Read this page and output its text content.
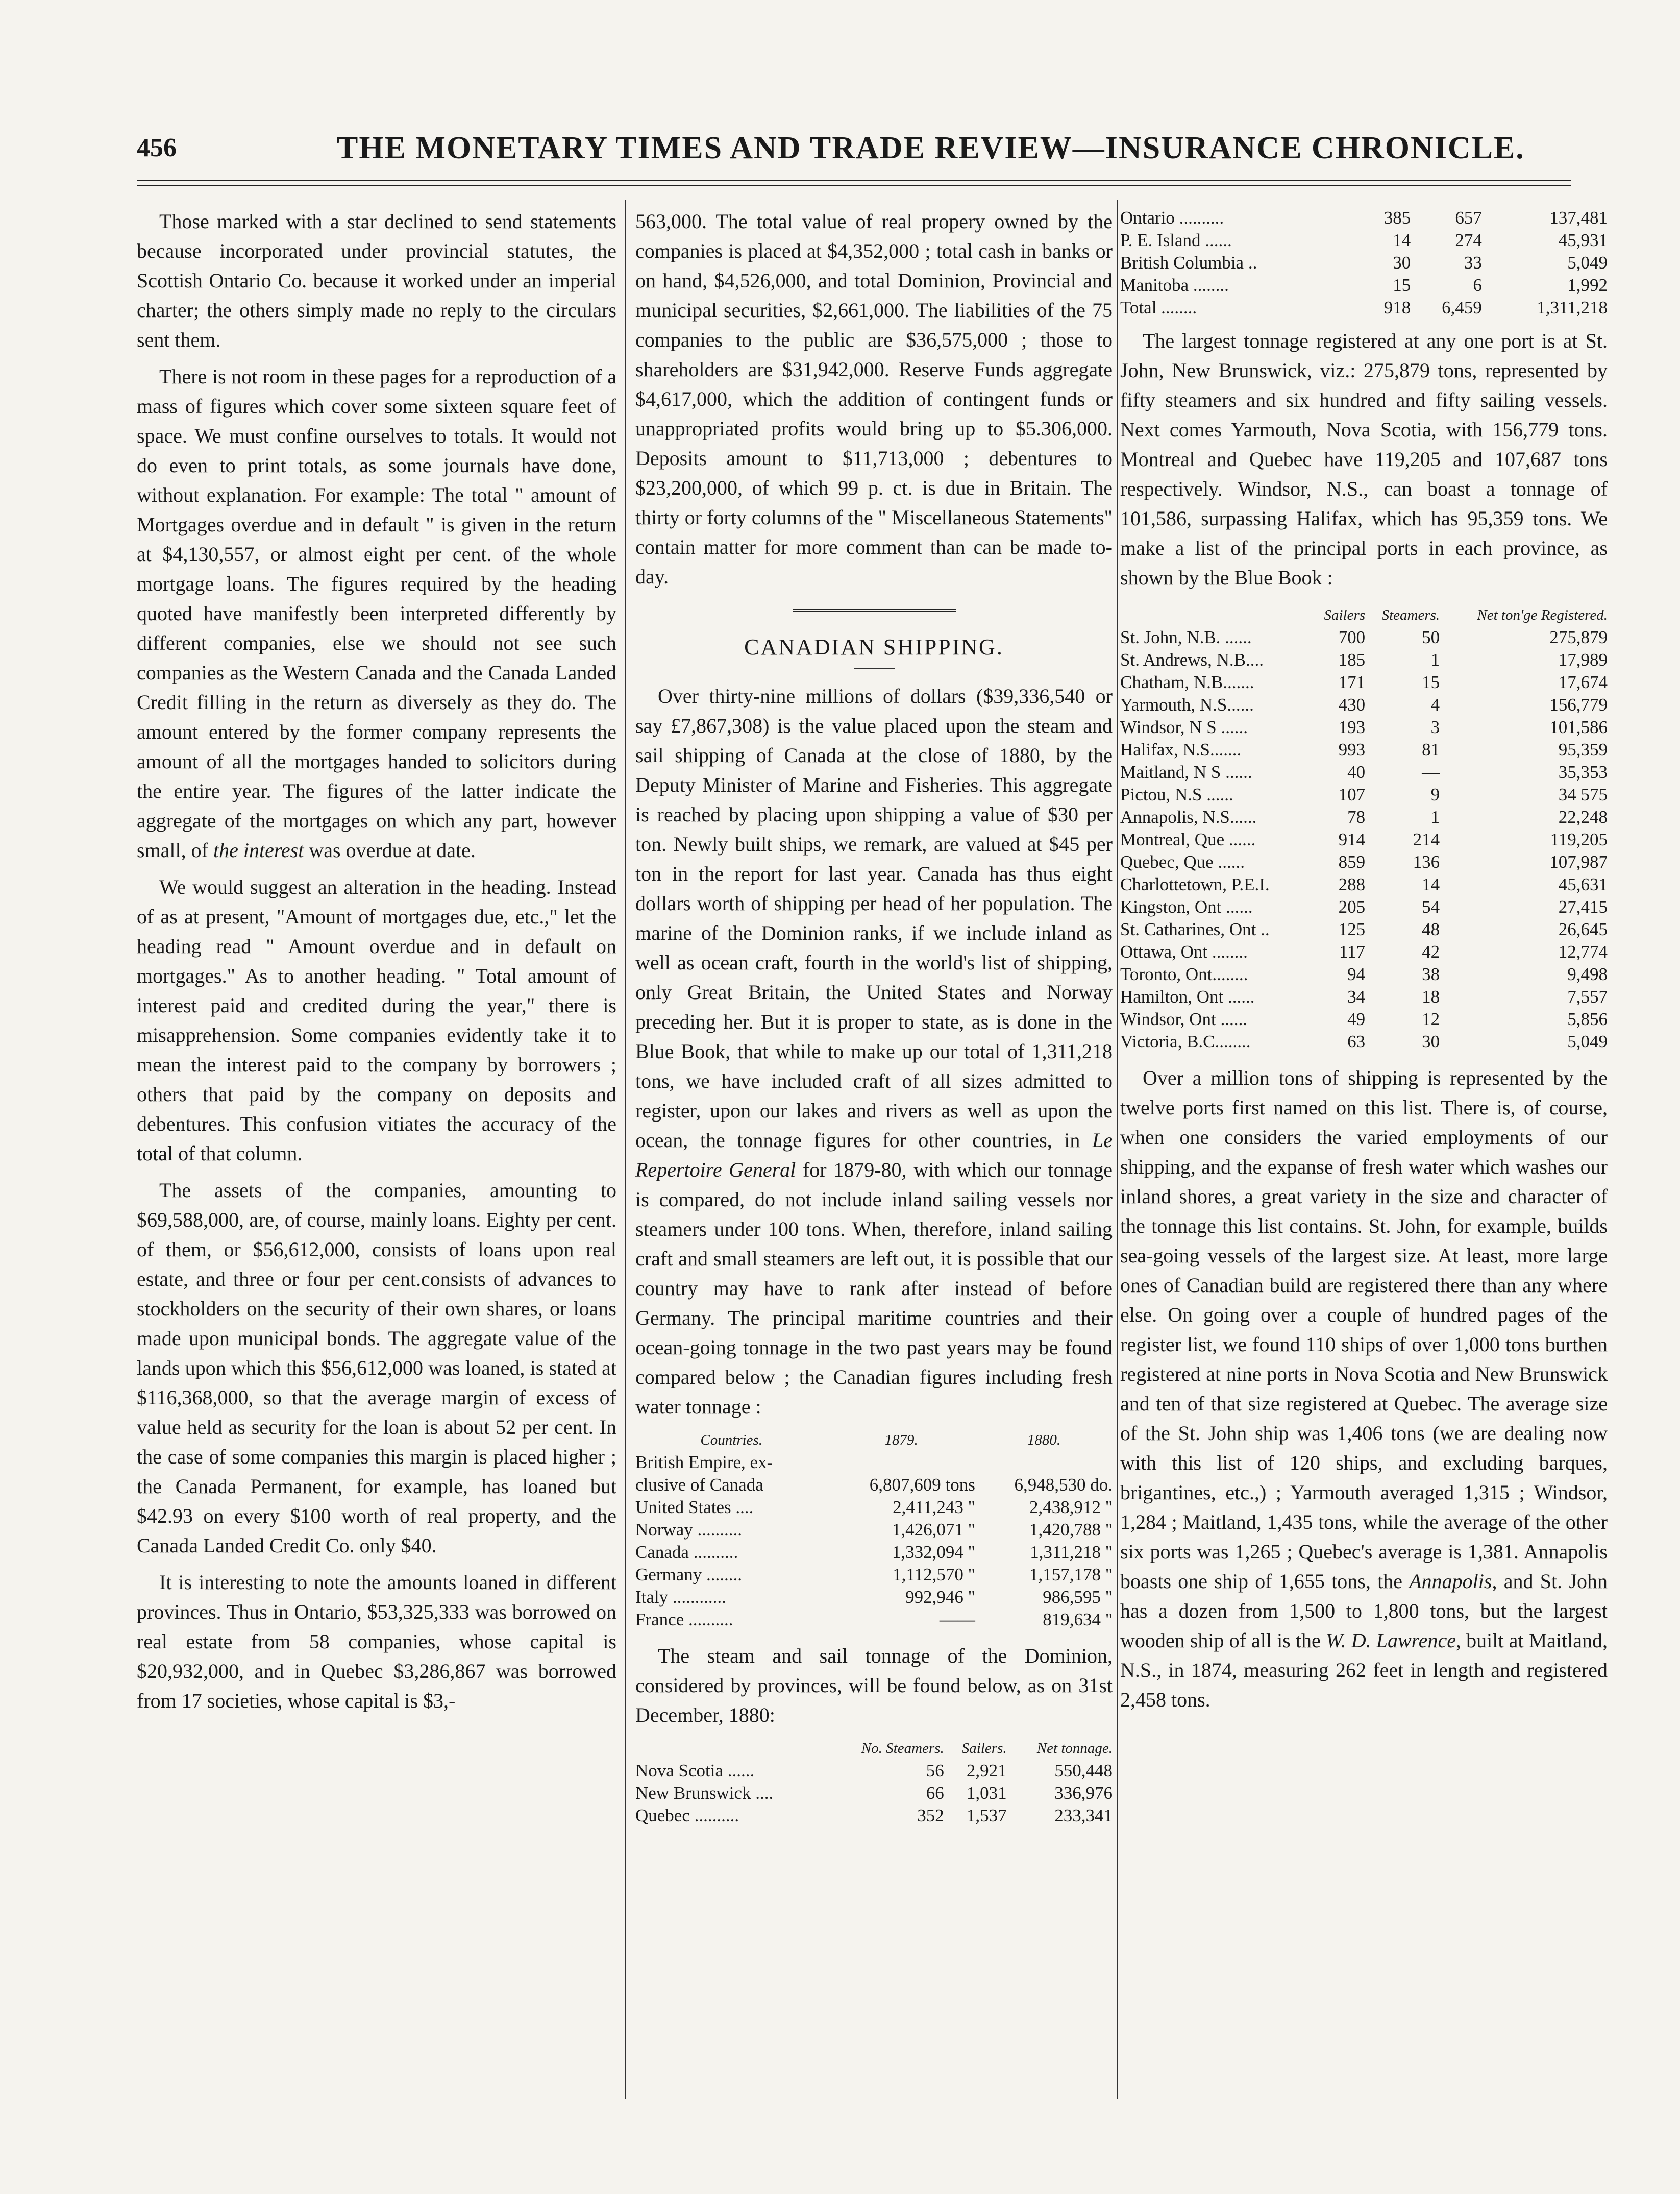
456	THE MONETARY TIMES AND TRADE REVIEW—INSURANCE CHRONICLE.

Those marked with a star declined to send statements because incorporated under provincial statutes, the Scottish Ontario Co. because it worked under an imperial charter; the others simply made no reply to the circulars sent them.

There is not room in these pages for a reproduction of a mass of figures which cover some sixteen square feet of space. We must confine ourselves to totals. It would not do even to print totals, as some journals have done, without explanation. For example: The total " amount of Mortgages overdue and in default " is given in the return at $4,130,557, or almost eight per cent. of the whole mortgage loans. The figures required by the heading quoted have manifestly been interpreted differently by different companies, else we should not see such companies as the Western Canada and the Canada Landed Credit filling in the return as diversely as they do. The amount entered by the former company represents the amount of all the mortgages handed to solicitors during the entire year. The figures of the latter indicate the aggregate of the mortgages on which any part, however small, of the interest was overdue at date.

We would suggest an alteration in the heading. Instead of as at present, "Amount of mortgages due, etc.," let the heading read " Amount overdue and in default on mortgages." As to another heading. " Total amount of interest paid and credited during the year," there is misapprehension. Some companies evidently take it to mean the interest paid to the company by borrowers ; others that paid by the company on deposits and debentures. This confusion vitiates the accuracy of the total of that column.

The assets of the companies, amounting to $69,588,000, are, of course, mainly loans. Eighty per cent. of them, or $56,612,000, consists of loans upon real estate, and three or four per cent.consists of advances to stockholders on the security of their own shares, or loans made upon municipal bonds. The aggregate value of the lands upon which this $56,612,000 was loaned, is stated at $116,368,000, so that the average margin of excess of value held as security for the loan is about 52 per cent. In the case of some companies this margin is placed higher ; the Canada Permanent, for example, has loaned but $42.93 on every $100 worth of real property, and the Canada Landed Credit Co. only $40.

It is interesting to note the amounts loaned in different provinces. Thus in Ontario, $53,325,333 was borrowed on real estate from 58 companies, whose capital is $20,932,000, and in Quebec $3,286,867 was borrowed from 17 societies, whose capital is $3,-

563,000. The total value of real propery owned by the companies is placed at $4,352,000 ; total cash in banks or on hand, $4,526,000, and total Dominion, Provincial and municipal securities, $2,661,000. The liabilities of the 75 companies to the public are $36,575,000 ; those to shareholders are $31,942,000. Reserve Funds aggregate $4,617,000, which the addition of contingent funds or unappropriated profits would bring up to $5.306,000. Deposits amount to $11,713,000 ; debentures to $23,200,000, of which 99 p. ct. is due in Britain. The thirty or forty columns of the " Miscellaneous Statements" contain matter for more comment than can be made to-day.

CANADIAN SHIPPING.

Over thirty-nine millions of dollars ($39,336,540 or say £7,867,308) is the value placed upon the steam and sail shipping of Canada at the close of 1880, by the Deputy Minister of Marine and Fisheries. This aggregate is reached by placing upon shipping a value of $30 per ton. Newly built ships, we remark, are valued at $45 per ton in the report for last year. Canada has thus eight dollars worth of shipping per head of her population. The marine of the Dominion ranks, if we include inland as well as ocean craft, fourth in the world's list of shipping, only Great Britain, the United States and Norway preceding her. But it is proper to state, as is done in the Blue Book, that while to make up our total of 1,311,218 tons, we have included craft of all sizes admitted to register, upon our lakes and rivers as well as upon the ocean, the tonnage figures for other countries, in Le Repertoire General for 1879-80, with which our tonnage is compared, do not include inland sailing vessels nor steamers under 100 tons. When, therefore, inland sailing craft and small steamers are left out, it is possible that our country may have to rank after instead of before Germany. The principal maritime countries and their ocean-going tonnage in the two past years may be found compared below ; the Canadian figures including fresh water tonnage :

Countries.	1879.	1880.
British Empire, ex-		
clusive of Canada	6,807,609 tons	6,948,530 do.
United States ....	2,411,243 "	2,438,912 "
Norway ..........	1,426,071 "	1,420,788 "
Canada ..........	1,332,094 "	1,311,218 "
Germany ........	1,112,570 "	1,157,178 "
Italy ............	992,946 "	986,595 "
France ..........	——	819,634 "

The steam and sail tonnage of the Dominion, considered by provinces, will be found below, as on 31st December, 1880:

	No. Steamers.	Sailers.	Net tonnage.
Nova Scotia ......	56	2,921	550,448
New Brunswick ....	66	1,031	336,976
Quebec ..........	352	1,537	233,341
Ontario ..........	385	657	137,481
P. E. Island ......	14	274	45,931
British Columbia ..	30	33	5,049
Manitoba ........	15	6	1,992
Total ........	918	6,459	1,311,218

The largest tonnage registered at any one port is at St. John, New Brunswick, viz.: 275,879 tons, represented by fifty steamers and six hundred and fifty sailing vessels. Next comes Yarmouth, Nova Scotia, with 156,779 tons. Montreal and Quebec have 119,205 and 107,687 tons respectively. Windsor, N.S., can boast a tonnage of 101,586, surpassing Halifax, which has 95,359 tons. We make a list of the principal ports in each province, as shown by the Blue Book :

	Sailers	Steamers.	Net ton'ge Registered.
St. John, N.B. ......	700	50	275,879
St. Andrews, N.B....	185	1	17,989
Chatham, N.B.......	171	15	17,674
Yarmouth, N.S......	430	4	156,779
Windsor, N S ......	193	3	101,586
Halifax, N.S.......	993	81	95,359
Maitland, N S ......	40	—	35,353
Pictou, N.S ......	107	9	34 575
Annapolis, N.S......	78	1	22,248
Montreal, Que ......	914	214	119,205
Quebec, Que ......	859	136	107,987
Charlottetown, P.E.I.	288	14	45,631
Kingston, Ont ......	205	54	27,415
St. Catharines, Ont ..	125	48	26,645
Ottawa, Ont ........	117	42	12,774
Toronto, Ont........	94	38	9,498
Hamilton, Ont ......	34	18	7,557
Windsor, Ont ......	49	12	5,856
Victoria, B.C........	63	30	5,049

Over a million tons of shipping is represented by the twelve ports first named on this list. There is, of course, when one considers the varied employments of our shipping, and the expanse of fresh water which washes our inland shores, a great variety in the size and character of the tonnage this list contains. St. John, for example, builds sea-going vessels of the largest size. At least, more large ones of Canadian build are registered there than any where else. On going over a couple of hundred pages of the register list, we found 110 ships of over 1,000 tons burthen registered at nine ports in Nova Scotia and New Brunswick and ten of that size registered at Quebec. The average size of the St. John ship was 1,406 tons (we are dealing now with this list of 120 ships, and excluding barques, brigantines, etc.,) ; Yarmouth averaged 1,315 ; Windsor, 1,284 ; Maitland, 1,435 tons, while the average of the other six ports was 1,265 ; Quebec's average is 1,381. Annapolis boasts one ship of 1,655 tons, the Annapolis, and St. John has a dozen from 1,500 to 1,800 tons, but the largest wooden ship of all is the W. D. Lawrence, built at Maitland, N.S., in 1874, measuring 262 feet in length and registered 2,458 tons.
